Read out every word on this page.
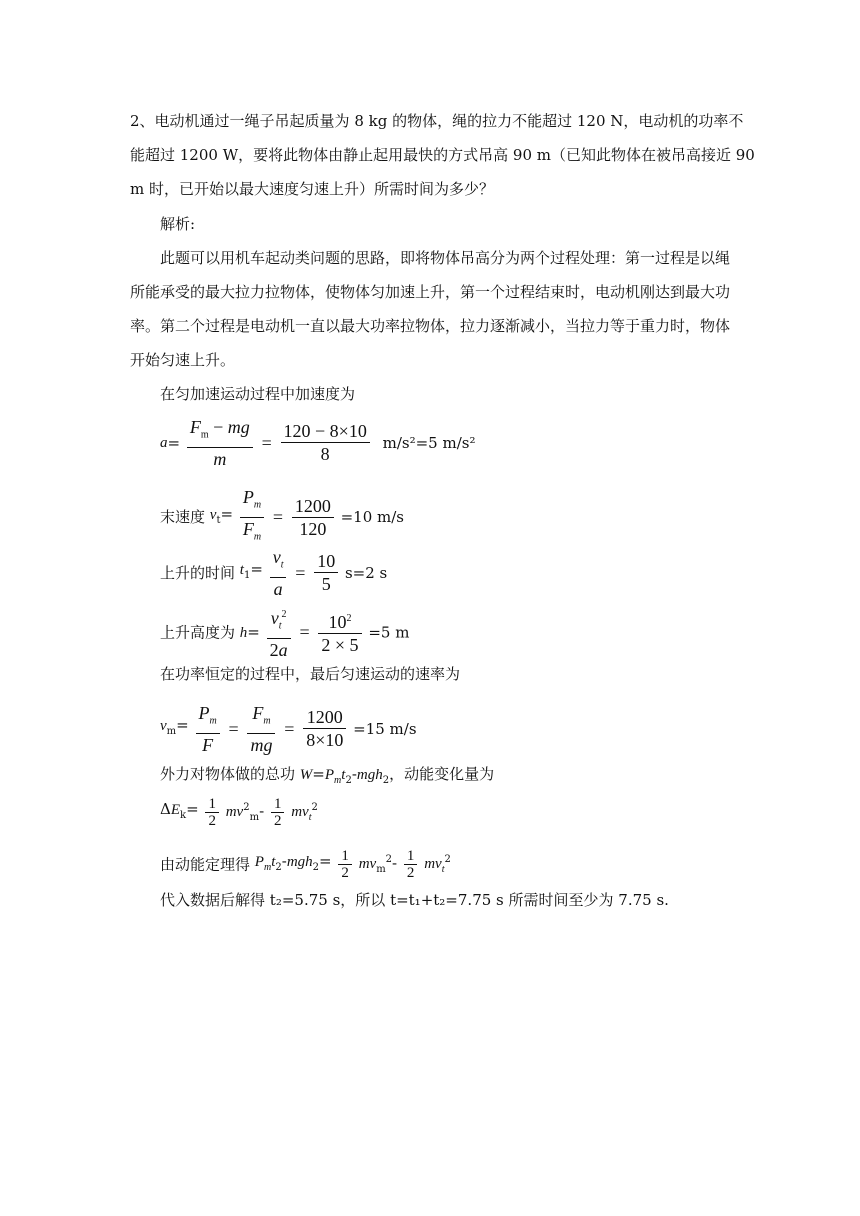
2、电动机通过一绳子吊起质量为 8 kg 的物体，绳的拉力不能超过 120 N，电动机的功率不
能超过 1200 W，要将此物体由静止起用最快的方式吊高 90 m（已知此物体在被吊高接近 90
m 时，已开始以最大速度匀速上升）所需时间为多少？
解析:
此题可以用机车起动类问题的思路，即将物体吊高分为两个过程处理：第一过程是以绳
所能承受的最大拉力拉物体，使物体匀加速上升，第一个过程结束时，电动机刚达到最大功
率。第二个过程是电动机一直以最大功率拉物体，拉力逐渐减小，当拉力等于重力时，物体
开始匀速上升。
在匀加速运动过程中加速度为
$a= \frac{F_m - mg}{m} = \frac{120 - 8\times 10}{8} m/s^2=5$ m/s²
末速度 $v_t= \frac{P_m}{F_m} = \frac{1200}{120} =10$ m/s
上升的时间 $t_1= \frac{v_t}{a} = \frac{10}{5} s=2$ s
上升高度为 $h= \frac{v_t^2}{2a} = \frac{10^2}{2 \times 5} =5$ m
在功率恒定的过程中，最后匀速运动的速率为
$v_m= \frac{P_m}{F} = \frac{F_m}{mg} = \frac{1200}{8\times 10} =15$ m/s
外力对物体做的总功 $W=P_mt_2-mgh_2$，动能变化量为
$\Delta E_k= \frac{1}{2} mv^2_m- \frac{1}{2} mv_t^2$
由动能定理得 $P_mt_2-mgh_2= \frac{1}{2} mv_m^2- \frac{1}{2} mv_t^2$
代入数据后解得 t₂=5.75 s，所以 t=t₁+t₂=7.75 s 所需时间至少为 7.75 s.
